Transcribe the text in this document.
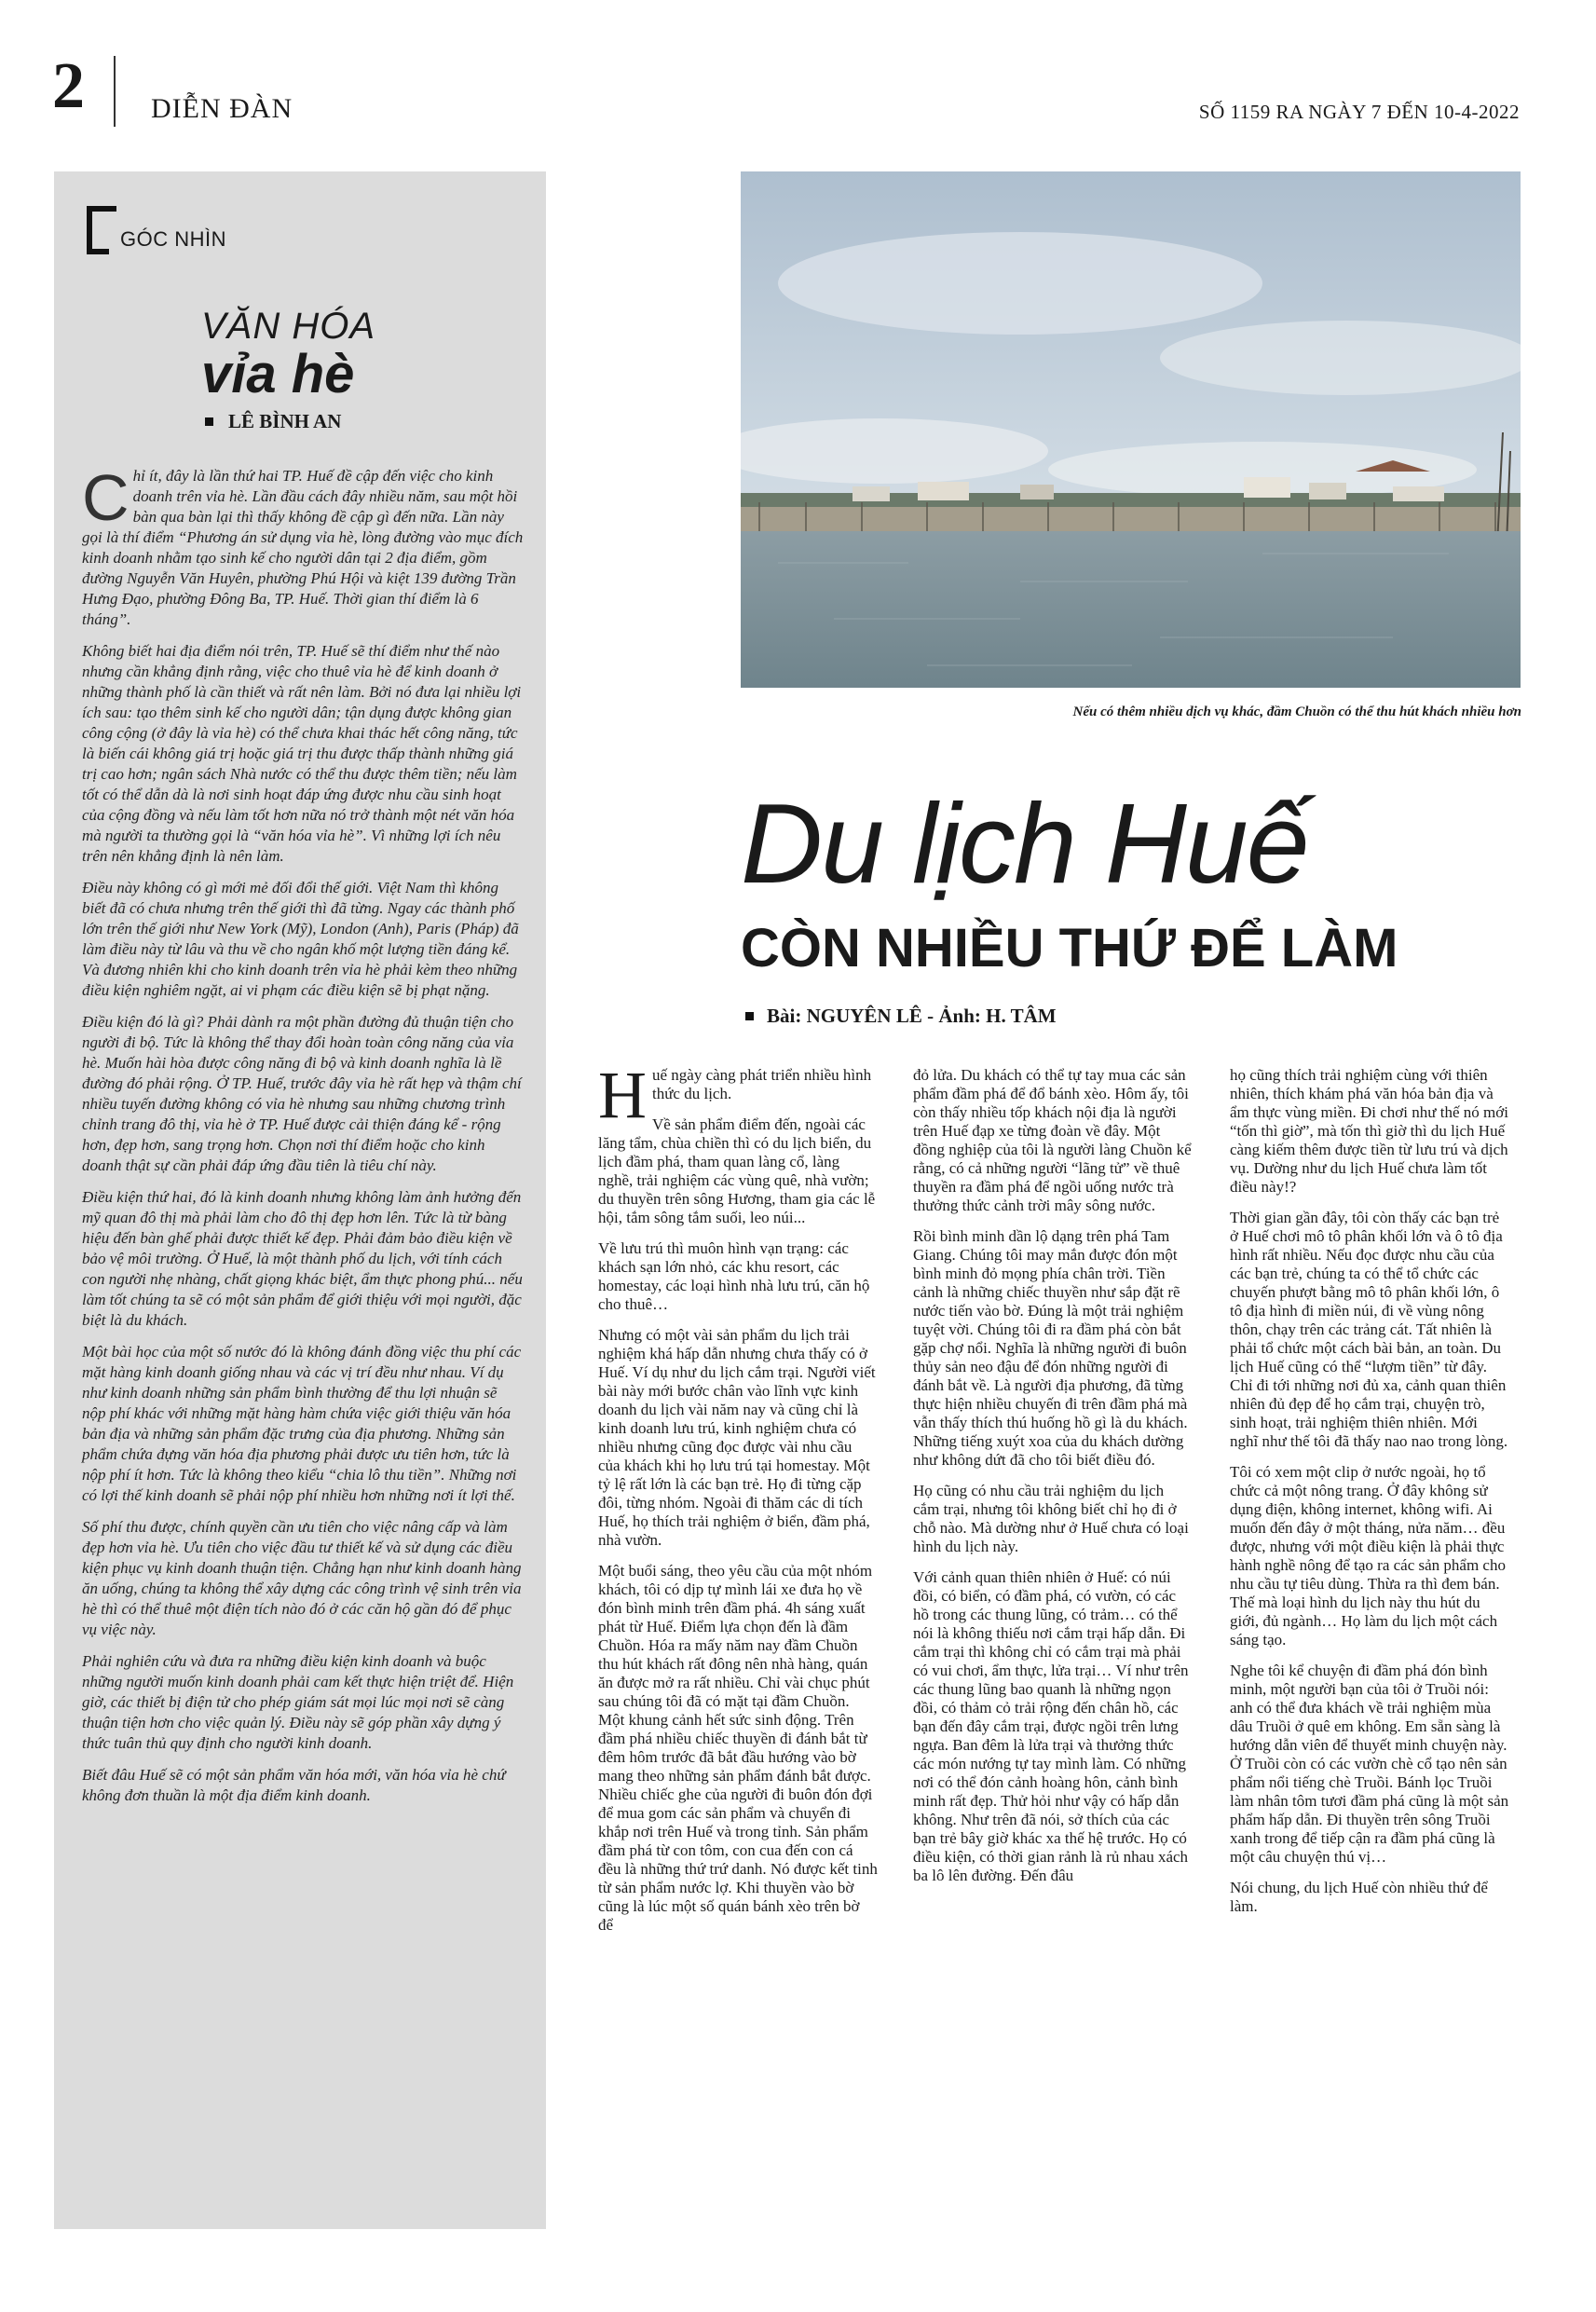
2 DIỄN ĐÀN	SỐ 1159 RA NGÀY 7 ĐẾN 10-4-2022
GÓC NHÌN
VĂN HÓA
vỉa hè
LÊ BÌNH AN

Chỉ ít, đây là lần thứ hai TP. Huế đề cập đến việc cho kinh doanh trên vỉa hè. Lần đầu cách đây nhiều năm, sau một hồi bàn qua bàn lại thì thấy không đề cập gì đến nữa. Lần này gọi là thí điểm “Phương án sử dụng vỉa hè, lòng đường vào mục đích kinh doanh nhằm tạo sinh kế cho người dân tại 2 địa điểm, gồm đường Nguyễn Văn Huyên, phường Phú Hội và kiệt 139 đường Trần Hưng Đạo, phường Đông Ba, TP. Huế. Thời gian thí điểm là 6 tháng”.

Không biết hai địa điểm nói trên, TP. Huế sẽ thí điểm như thế nào nhưng cần khẳng định rằng, việc cho thuê vỉa hè để kinh doanh ở những thành phố là cần thiết và rất nên làm. Bởi nó đưa lại nhiều lợi ích sau: tạo thêm sinh kế cho người dân; tận dụng được không gian công cộng (ở đây là vỉa hè) có thể chưa khai thác hết công năng, tức là biến cái không giá trị hoặc giá trị thu được thấp thành những giá trị cao hơn; ngân sách Nhà nước có thể thu được thêm tiền; nếu làm tốt có thể dẫn dà là nơi sinh hoạt đáp ứng được nhu cầu sinh hoạt của cộng đồng và nếu làm tốt hơn nữa nó trở thành một nét văn hóa mà người ta thường gọi là “văn hóa vỉa hè”. Vì những lợi ích nêu trên nên khẳng định là nên làm.

Điều này không có gì mới mẻ đối đổi thế giới. Việt Nam thì không biết đã có chưa nhưng trên thế giới thì đã từng. Ngay các thành phố lớn trên thế giới như New York (Mỹ), London (Anh), Paris (Pháp) đã làm điều này từ lâu và thu về cho ngân khố một lượng tiền đáng kể. Và đương nhiên khi cho kinh doanh trên vỉa hè phải kèm theo những điều kiện nghiêm ngặt, ai vi phạm các điều kiện sẽ bị phạt nặng.

Điều kiện đó là gì? Phải dành ra một phần đường đủ thuận tiện cho người đi bộ. Tức là không thể thay đổi hoàn toàn công năng của vỉa hè. Muốn hài hòa được công năng đi bộ và kinh doanh nghĩa là lề đường đó phải rộng. Ở TP. Huế, trước đây vỉa hè rất hẹp và thậm chí nhiều tuyến đường không có vỉa hè nhưng sau những chương trình chỉnh trang đô thị, vỉa hè ở TP. Huế được cải thiện đáng kể - rộng hơn, đẹp hơn, sang trọng hơn. Chọn nơi thí điểm hoặc cho kinh doanh thật sự cần phải đáp ứng đầu tiên là tiêu chí này.

Điều kiện thứ hai, đó là kinh doanh nhưng không làm ảnh hưởng đến mỹ quan đô thị mà phải làm cho đô thị đẹp hơn lên. Tức là từ bàng hiệu đến bàn ghế phải được thiết kế đẹp. Phải đảm bảo điều kiện về bảo vệ môi trường. Ở Huế, là một thành phố du lịch, với tính cách con người nhẹ nhàng, chất giọng khác biệt, ẩm thực phong phú... nếu làm tốt chúng ta sẽ có một sản phẩm để giới thiệu với mọi người, đặc biệt là du khách.

Một bài học của một số nước đó là không đánh đồng việc thu phí các mặt hàng kinh doanh giống nhau và các vị trí đều như nhau. Ví dụ như kinh doanh những sản phẩm bình thường để thu lợi nhuận sẽ nộp phí khác với những mặt hàng hàm chứa việc giới thiệu văn hóa bản địa và những sản phẩm đặc trưng của địa phương. Những sản phẩm chứa đựng văn hóa địa phương phải được ưu tiên hơn, tức là nộp phí ít hơn. Tức là không theo kiểu “chia lô thu tiền”. Những nơi có lợi thế kinh doanh sẽ phải nộp phí nhiều hơn những nơi ít lợi thế.

Số phí thu được, chính quyền cần ưu tiên cho việc nâng cấp và làm đẹp hơn vỉa hè. Ưu tiên cho việc đầu tư thiết kế và sử dụng các điều kiện phục vụ kinh doanh thuận tiện. Chẳng hạn như kinh doanh hàng ăn uống, chúng ta không thể xây dựng các công trình vệ sinh trên vỉa hè thì có thể thuê một điện tích nào đó ở các căn hộ gần đó để phục vụ việc này.

Phải nghiên cứu và đưa ra những điều kiện kinh doanh và buộc những người muốn kinh doanh phải cam kết thực hiện triệt để. Hiện giờ, các thiết bị điện tử cho phép giám sát mọi lúc mọi nơi sẽ càng thuận tiện hơn cho việc quản lý. Điều này sẽ góp phần xây dựng ý thức tuân thủ quy định cho người kinh doanh.

Biết đâu Huế sẽ có một sản phẩm văn hóa mới, văn hóa vỉa hè chứ không đơn thuần là một địa điểm kinh doanh.

Nếu có thêm nhiều dịch vụ khác, đầm Chuồn có thể thu hút khách nhiều hơn
Du lịch Huế
CÒN NHIỀU THỨ ĐỂ LÀM
Bài: NGUYÊN LÊ - Ảnh: H. TÂM

Huế ngày càng phát triển nhiều hình thức du lịch.

Về sản phẩm điểm đến, ngoài các lăng tẩm, chùa chiền thì có du lịch biển, du lịch đầm phá, tham quan làng cổ, làng nghề, trải nghiệm các vùng quê, nhà vườn; du thuyền trên sông Hương, tham gia các lễ hội, tắm sông tắm suối, leo núi...

Về lưu trú thì muôn hình vạn trạng: các khách sạn lớn nhỏ, các khu resort, các homestay, các loại hình nhà lưu trú, căn hộ cho thuê…

Nhưng có một vài sản phẩm du lịch trải nghiệm khá hấp dẫn nhưng chưa thấy có ở Huế. Ví dụ như du lịch cắm trại. Người viết bài này mới bước chân vào lĩnh vực kinh doanh du lịch vài năm nay và cũng chỉ là kinh doanh lưu trú, kinh nghiệm chưa có nhiều nhưng cũng đọc được vài nhu cầu của khách khi họ lưu trú tại homestay. Một tỷ lệ rất lớn là các bạn trẻ. Họ đi từng cặp đôi, từng nhóm. Ngoài đi thăm các di tích Huế, họ thích trải nghiệm ở biển, đầm phá, nhà vườn.

Một buổi sáng, theo yêu cầu của một nhóm khách, tôi có dịp tự mình lái xe đưa họ về đón bình minh trên đầm phá. 4h sáng xuất phát từ Huế. Điểm lựa chọn đến là đầm Chuồn. Hóa ra mấy năm nay đầm Chuồn thu hút khách rất đông nên nhà hàng, quán ăn được mở ra rất nhiều. Chỉ vài chục phút sau chúng tôi đã có mặt tại đầm Chuồn. Một khung cảnh hết sức sinh động. Trên đầm phá nhiều chiếc thuyền đi đánh bắt từ đêm hôm trước đã bắt đầu hướng vào bờ mang theo những sản phẩm đánh bắt được. Nhiều chiếc ghe của người đi buôn đón đợi để mua gom các sản phẩm và chuyển đi khắp nơi trên Huế và trong tỉnh. Sản phẩm đầm phá từ con tôm, con cua đến con cá đều là những thứ trứ danh. Nó được kết tinh từ sản phẩm nước lợ. Khi thuyền vào bờ cũng là lúc một số quán bánh xèo trên bờ để

đỏ lửa. Du khách có thể tự tay mua các sản phẩm đầm phá để đổ bánh xèo. Hôm ấy, tôi còn thấy nhiều tốp khách nội địa là người trên Huế đạp xe từng đoàn về đây. Một đồng nghiệp của tôi là người làng Chuồn kể rằng, có cả những người “lãng tử” về thuê thuyền ra đầm phá để ngồi uống nước trà thưởng thức cảnh trời mây sông nước.

Rồi bình minh dần lộ dạng trên phá Tam Giang. Chúng tôi may mắn được đón một bình minh đỏ mọng phía chân trời. Tiền cảnh là những chiếc thuyền như sắp đặt rẽ nước tiến vào bờ. Đúng là một trải nghiệm tuyệt vời. Chúng tôi đi ra đầm phá còn bắt gặp chợ nổi. Nghĩa là những người đi buôn thủy sản neo đậu để đón những người đi đánh bắt về. Là người địa phương, đã từng thực hiện nhiều chuyến đi trên đầm phá mà vẫn thấy thích thú huống hồ gì là du khách. Những tiếng xuýt xoa của du khách dường như không dứt đã cho tôi biết điều đó.

Họ cũng có nhu cầu trải nghiệm du lịch cắm trại, nhưng tôi không biết chỉ họ đi ở chỗ nào. Mà dường như ở Huế chưa có loại hình du lịch này.

Với cảnh quan thiên nhiên ở Huế: có núi đồi, có biển, có đầm phá, có vườn, có các hồ trong các thung lũng, có trảm… có thể nói là không thiếu nơi cắm trại hấp dẫn. Đi cắm trại thì không chỉ có cắm trại mà phải có vui chơi, ẩm thực, lửa trại… Ví như trên các thung lũng bao quanh là những ngọn đồi, có thảm cỏ trải rộng đến chân hồ, các bạn đến đây cắm trại, được ngồi trên lưng ngựa. Ban đêm là lửa trại và thưởng thức các món nướng tự tay mình làm. Có những nơi có thể đón cảnh hoàng hôn, cảnh bình minh rất đẹp. Thử hỏi như vậy có hấp dẫn không. Như trên đã nói, sở thích của các bạn trẻ bây giờ khác xa thế hệ trước. Họ có điều kiện, có thời gian rảnh là rủ nhau xách ba lô lên đường. Đến đâu

họ cũng thích trải nghiệm cùng với thiên nhiên, thích khám phá văn hóa bản địa và ẩm thực vùng miền. Đi chơi như thế nó mới “tốn thì giờ”, mà tốn thì giờ thì du lịch Huế càng kiếm thêm được tiền từ lưu trú và dịch vụ. Dường như du lịch Huế chưa làm tốt điều này!?

Thời gian gần đây, tôi còn thấy các bạn trẻ ở Huế chơi mô tô phân khối lớn và ô tô địa hình rất nhiều. Nếu đọc được nhu cầu của các bạn trẻ, chúng ta có thể tổ chức các chuyến phượt bằng mô tô phân khối lớn, ô tô địa hình đi miền núi, đi về vùng nông thôn, chạy trên các trảng cát. Tất nhiên là phải tổ chức một cách bài bản, an toàn. Du lịch Huế cũng có thể “lượm tiền” từ đây. Chỉ đi tới những nơi đủ xa, cảnh quan thiên nhiên đủ đẹp để họ cắm trại, chuyện trò, sinh hoạt, trải nghiệm thiên nhiên. Mới nghĩ như thế tôi đã thấy nao nao trong lòng.

Tôi có xem một clip ở nước ngoài, họ tổ chức cả một nông trang. Ở đây không sử dụng điện, không internet, không wifi. Ai muốn đến đây ở một tháng, nửa năm… đều được, nhưng với một điều kiện là phải thực hành nghề nông để tạo ra các sản phẩm cho nhu cầu tự tiêu dùng. Thừa ra thì đem bán. Thế mà loại hình du lịch này thu hút du giới, đủ ngành… Họ làm du lịch một cách sáng tạo.

Nghe tôi kể chuyện đi đầm phá đón bình minh, một người bạn của tôi ở Truồi nói: anh có thể đưa khách về trải nghiệm mùa dâu Truồi ở quê em không. Em sẵn sàng là hướng dẫn viên để thuyết minh chuyện này. Ở Truồi còn có các vườn chè cổ tạo nên sản phẩm nổi tiếng chè Truồi. Bánh lọc Truồi làm nhân tôm tươi đầm phá cũng là một sản phẩm hấp dẫn. Đi thuyền trên sông Truồi xanh trong để tiếp cận ra đầm phá cũng là một câu chuyện thú vị…

Nói chung, du lịch Huế còn nhiều thứ để làm.
